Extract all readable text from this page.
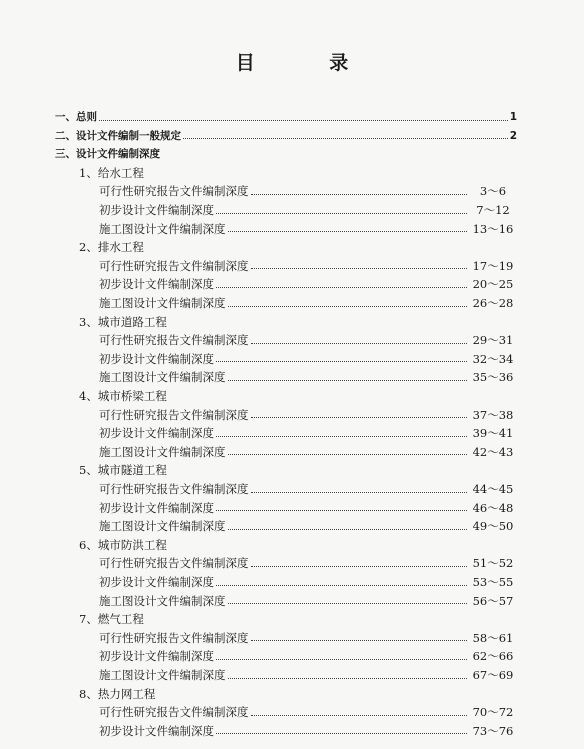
目 录
一、总则	1
二、设计文件编制一般规定	2
三、设计文件编制深度
1、给水工程
可行性研究报告文件编制深度	3～6
初步设计文件编制深度	7～12
施工图设计文件编制深度	13～16
2、排水工程
可行性研究报告文件编制深度	17～19
初步设计文件编制深度	20～25
施工图设计文件编制深度	26～28
3、城市道路工程
可行性研究报告文件编制深度	29～31
初步设计文件编制深度	32～34
施工图设计文件编制深度	35～36
4、城市桥梁工程
可行性研究报告文件编制深度	37～38
初步设计文件编制深度	39～41
施工图设计文件编制深度	42～43
5、城市隧道工程
可行性研究报告文件编制深度	44～45
初步设计文件编制深度	46～48
施工图设计文件编制深度	49～50
6、城市防洪工程
可行性研究报告文件编制深度	51～52
初步设计文件编制深度	53～55
施工图设计文件编制深度	56～57
7、燃气工程
可行性研究报告文件编制深度	58～61
初步设计文件编制深度	62～66
施工图设计文件编制深度	67～69
8、热力网工程
可行性研究报告文件编制深度	70～72
初步设计文件编制深度	73～76
